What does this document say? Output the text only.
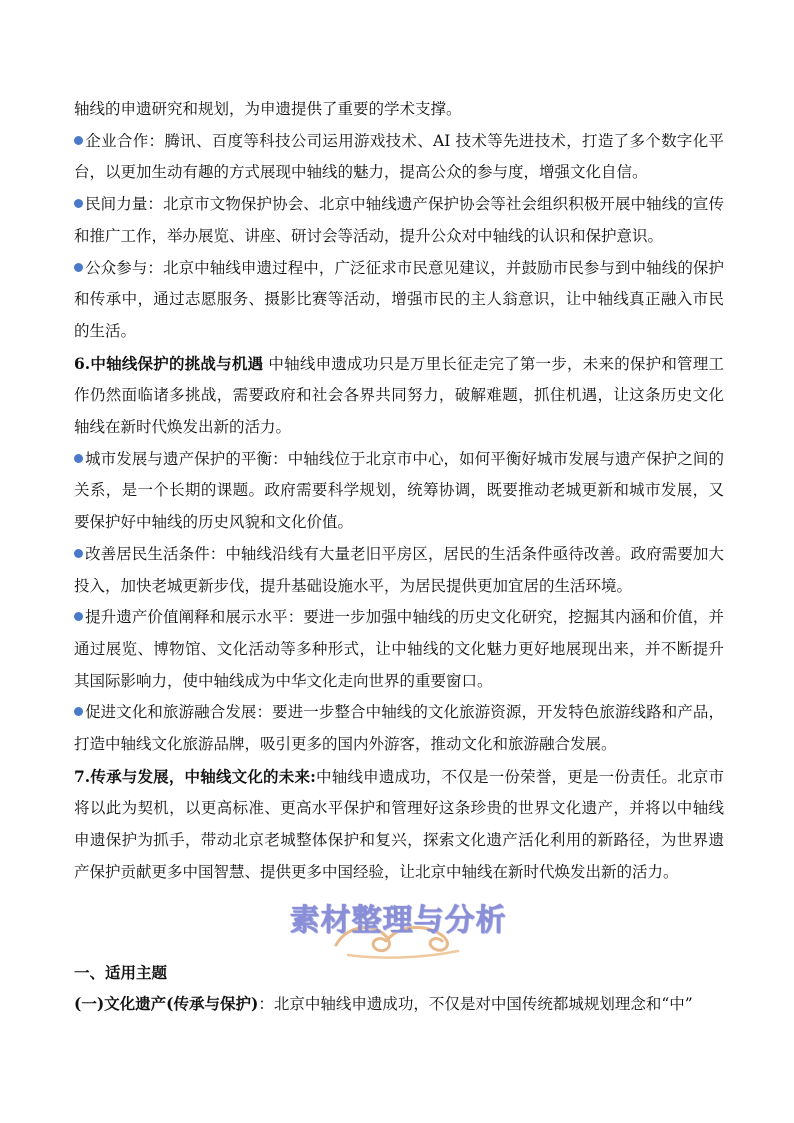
轴线的申遗研究和规划，为申遗提供了重要的学术支撑。

企业合作：腾讯、百度等科技公司运用游戏技术、AI 技术等先进技术，打造了多个数字化平台，以更加生动有趣的方式展现中轴线的魅力，提高公众的参与度，增强文化自信。

民间力量：北京市文物保护协会、北京中轴线遗产保护协会等社会组织积极开展中轴线的宣传和推广工作，举办展览、讲座、研讨会等活动，提升公众对中轴线的认识和保护意识。

公众参与：北京中轴线申遗过程中，广泛征求市民意见建议，并鼓励市民参与到中轴线的保护和传承中，通过志愿服务、摄影比赛等活动，增强市民的主人翁意识，让中轴线真正融入市民的生活。

6.中轴线保护的挑战与机遇 中轴线申遗成功只是万里长征走完了第一步，未来的保护和管理工作仍然面临诸多挑战，需要政府和社会各界共同努力，破解难题，抓住机遇，让这条历史文化轴线在新时代焕发出新的活力。

城市发展与遗产保护的平衡：中轴线位于北京市中心，如何平衡好城市发展与遗产保护之间的关系，是一个长期的课题。政府需要科学规划，统筹协调，既要推动老城更新和城市发展，又要保护好中轴线的历史风貌和文化价值。

改善居民生活条件：中轴线沿线有大量老旧平房区，居民的生活条件亟待改善。政府需要加大投入，加快老城更新步伐，提升基础设施水平，为居民提供更加宜居的生活环境。

提升遗产价值阐释和展示水平：要进一步加强中轴线的历史文化研究，挖掘其内涵和价值，并通过展览、博物馆、文化活动等多种形式，让中轴线的文化魅力更好地展现出来，并不断提升其国际影响力，使中轴线成为中华文化走向世界的重要窗口。

促进文化和旅游融合发展：要进一步整合中轴线的文化旅游资源，开发特色旅游线路和产品，打造中轴线文化旅游品牌，吸引更多的国内外游客，推动文化和旅游融合发展。

7.传承与发展，中轴线文化的未来:中轴线申遗成功，不仅是一份荣誉，更是一份责任。北京市将以此为契机，以更高标准、更高水平保护和管理好这条珍贵的世界文化遗产，并将以中轴线申遗保护为抓手，带动北京老城整体保护和复兴，探索文化遗产活化利用的新路径，为世界遗产保护贡献更多中国智慧、提供更多中国经验，让北京中轴线在新时代焕发出新的活力。

素材整理与分析

一、适用主题

(一)文化遗产(传承与保护)：北京中轴线申遗成功，不仅是对中国传统都城规划理念和“中”
